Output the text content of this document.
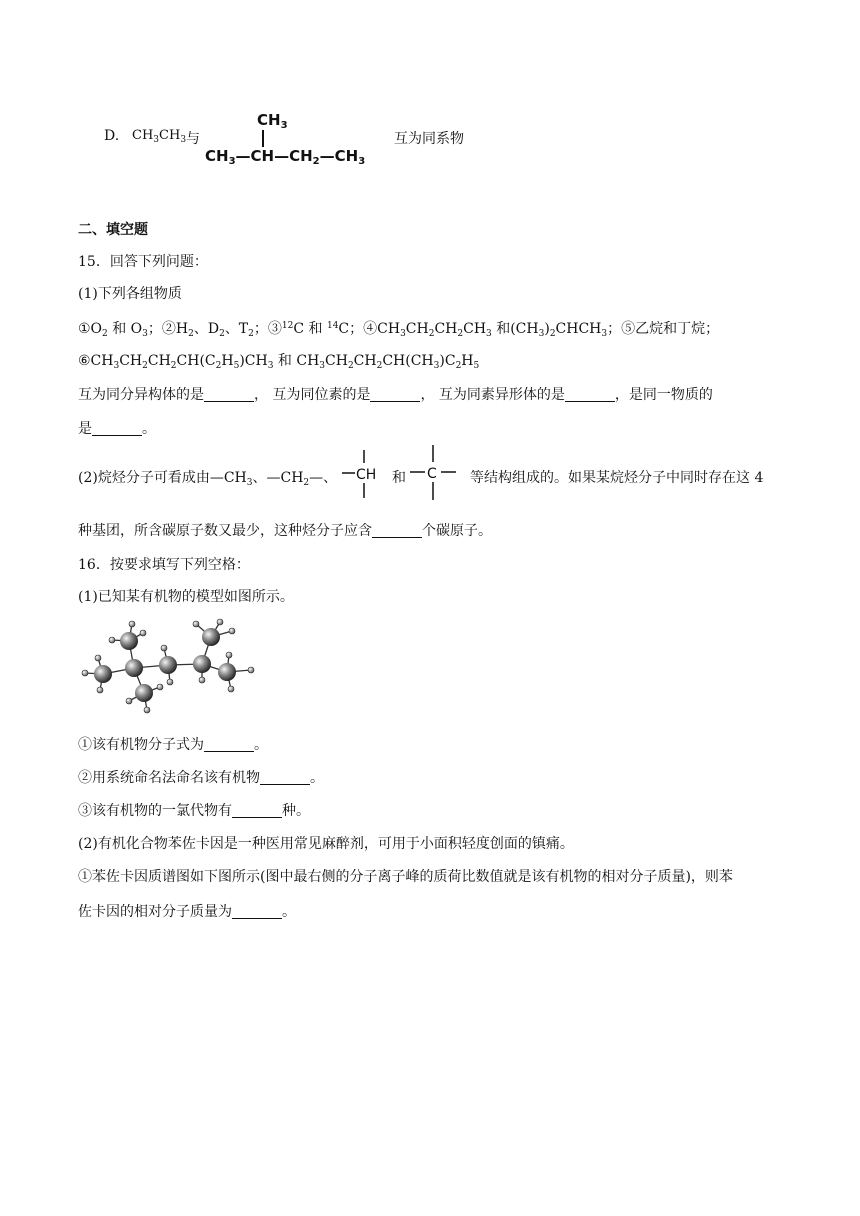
D. $CH_3CH_3$ 与
$CH_3$
$CH_3—CH—CH_2—CH_3$
互为同系物
二、填空题
15．回答下列问题：
(1)下列各组物质
$①O_2$ 和 $O_3$；$②H_2$、$D_2$、$T_2$；③$^{12}$C 和 $^{14}$C；$④CH_3CH_2CH_2CH_3$ 和$(CH_3)_2CHCH_3$；⑤乙烷和丁烷；
$⑥CH_3CH_2CH_2CH(C_2H_5)CH_3$ 和 $CH_3CH_2CH_2CH(CH_3)C_2H_5$
互为同分异构体的是	， 互为同位素的是	， 互为同素异形体的是	，是同一物质的
是	。
(2)烷烃分子可看成由$—CH_3$、$—CH_2—$、 CH 和 C 等结构组成的。如果某烷烃分子中同时存在这 4
种基团，所含碳原子数又最少，这种烃分子应含	个碳原子。
16．按要求填写下列空格：
(1)已知某有机物的模型如图所示。
①该有机物分子式为	。
②用系统命名法命名该有机物	。
③该有机物的一氯代物有	种。
(2)有机化合物苯佐卡因是一种医用常见麻醉剂，可用于小面积轻度创面的镇痛。
①苯佐卡因质谱图如下图所示(图中最右侧的分子离子峰的质荷比数值就是该有机物的相对分子质量)，则苯
佐卡因的相对分子质量为	。
